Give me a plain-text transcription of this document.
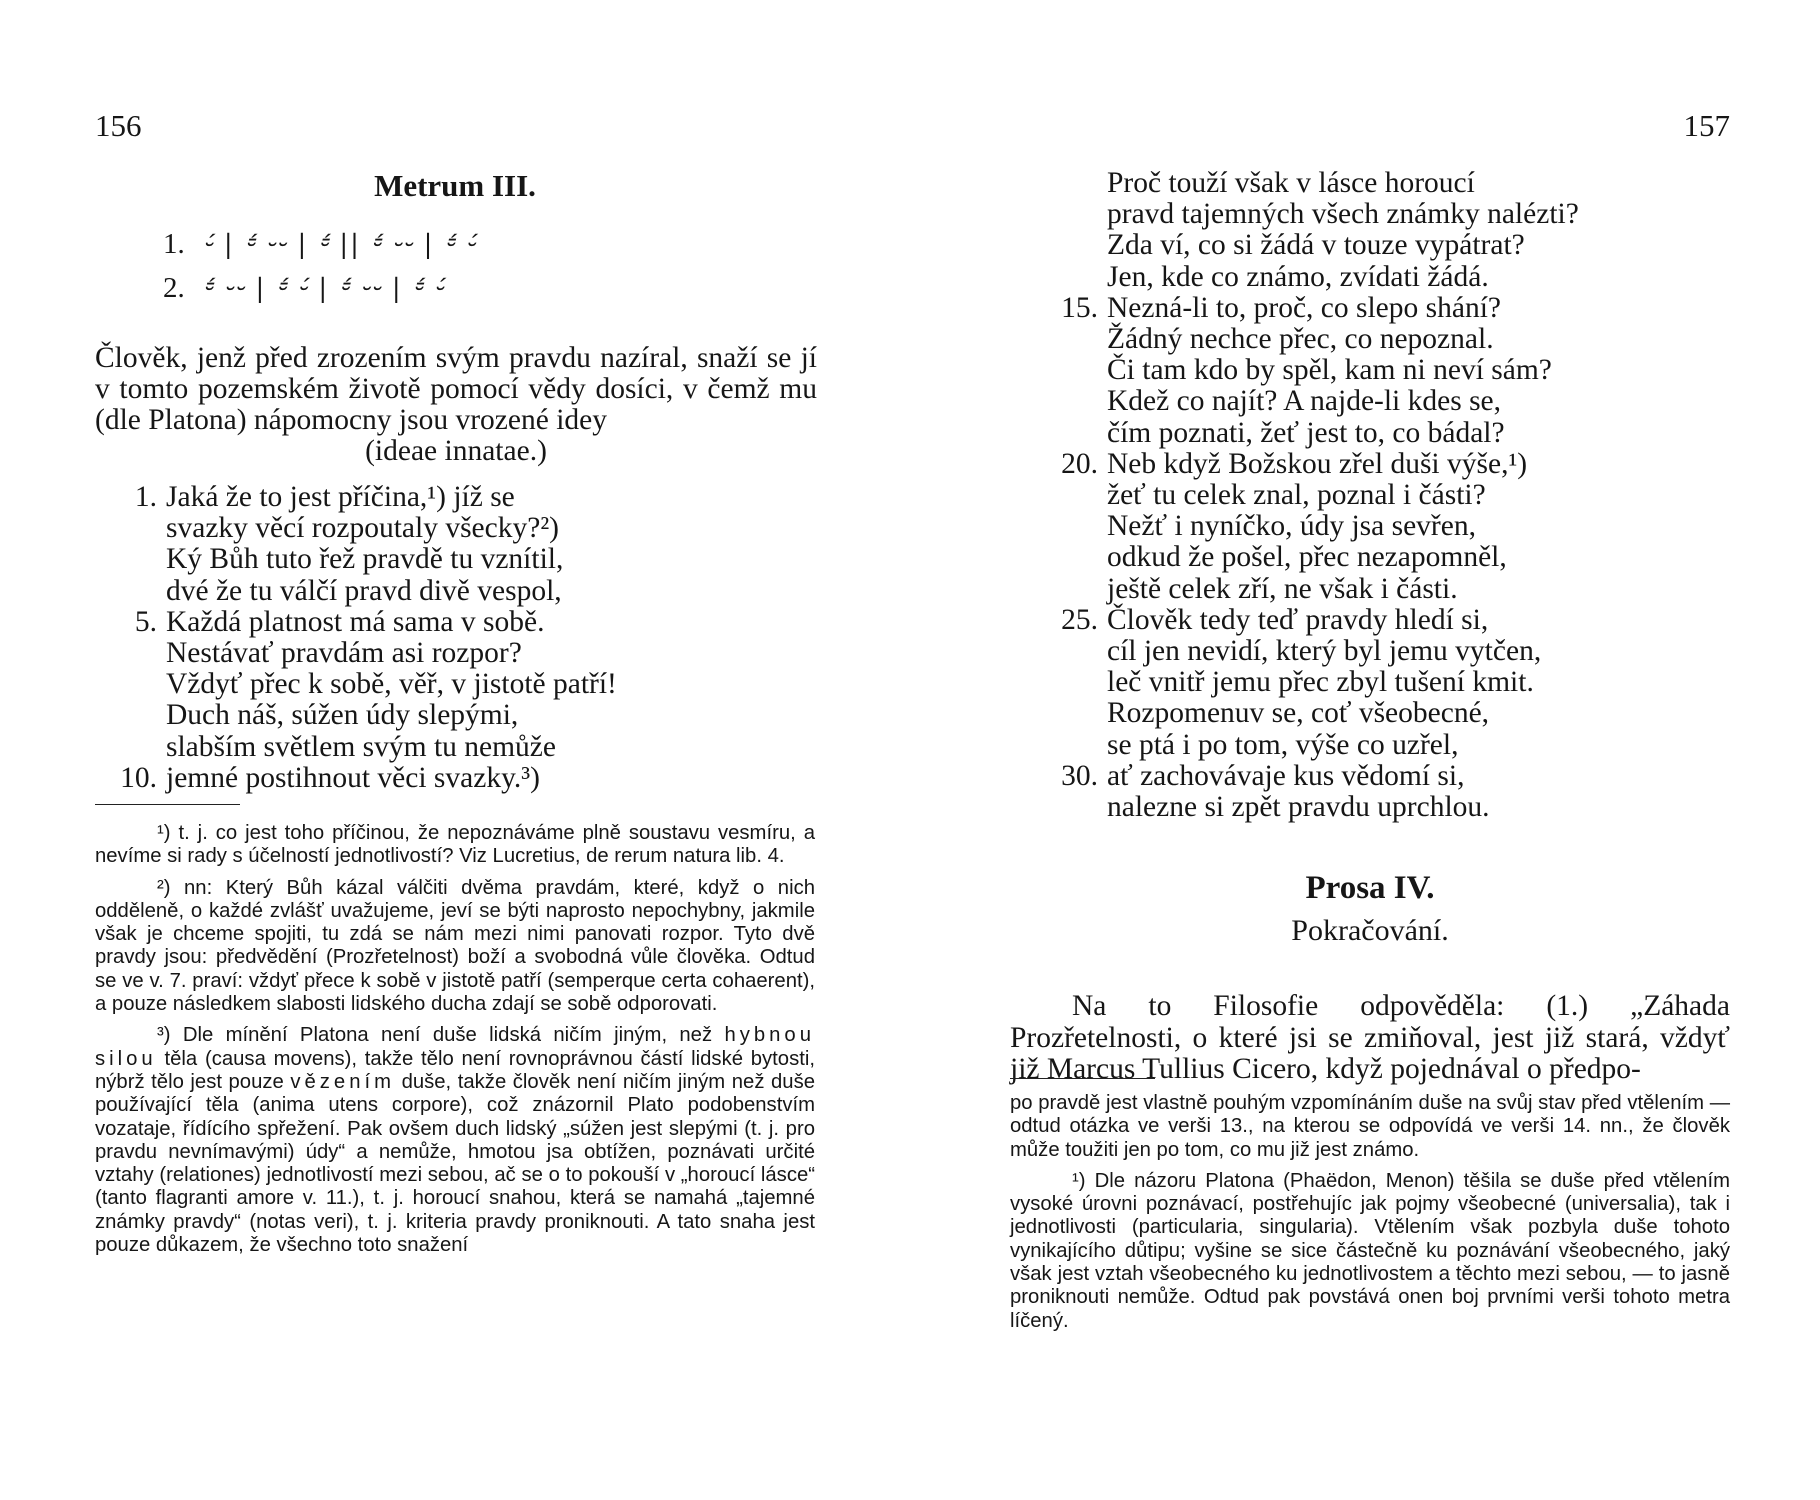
156
Metrum III.
1. ⏑́ | ⏒́ ⏑⏑ | ⏒́ || ⏒́ ⏑⏑ | ⏒́ ⏑́
2. ⏒́ ⏑⏑ | ⏒́ ⏑́ | ⏒́ ⏑⏑ | ⏒́ ⏑́
Člověk, jenž před zrozením svým pravdu nazíral, snaží se jí v tomto pozemském životě pomocí vědy dosíci, v čemž mu (dle Platona) nápomocny jsou vrozené idey
(ideae innatae.)
1. Jaká že to jest příčina,¹) jíž se
svazky věcí rozpoutaly všecky?²)
Ký Bůh tuto řež pravdě tu vznítil,
dvé že tu válčí pravd divě vespol,
5. Každá platnost má sama v sobě.
Nestávať pravdám asi rozpor?
Vždyť přec k sobě, věř, v jistotě patří!
Duch náš, súžen údy slepými,
slabším světlem svým tu nemůže
10. jemné postihnout věci svazky.³)

¹) t. j. co jest toho příčinou, že nepoznáváme plně soustavu vesmíru, a nevíme si rady s účelností jednotlivostí? Viz Lucretius, de rerum natura lib. 4.

²) nn: Který Bůh kázal válčiti dvěma pravdám, které, když o nich odděleně, o každé zvlášť uvažujeme, jeví se býti naprosto nepochybny, jakmile však je chceme spojiti, tu zdá se nám mezi nimi panovati rozpor. Tyto dvě pravdy jsou: předvědění (Prozřetelnost) boží a svobodná vůle člověka. Odtud se ve v. 7. praví: vždyť přece k sobě v jistotě patří (semperque certa cohaerent), a pouze následkem slabosti lidského ducha zdají se sobě odporovati.

³) Dle mínění Platona není duše lidská ničím jiným, než hybnou silou těla (causa movens), takže tělo není rovnoprávnou částí lidské bytosti, nýbrž tělo jest pouze vězením duše, takže člověk není ničím jiným než duše používající těla (anima utens corpore), což znázornil Plato podobenstvím vozataje, řídícího spřežení. Pak ovšem duch lidský „súžen jest slepými (t. j. pro pravdu nevnímavými) údy“ a nemůže, hmotou jsa obtížen, poznávati určité vztahy (relationes) jednotlivostí mezi sebou, ač se o to pokouší v „horoucí lásce“ (tanto flagranti amore v. 11.), t. j. horoucí snahou, která se namahá „tajemné známky pravdy“ (notas veri), t. j. kriteria pravdy proniknouti. A tato snaha jest pouze důkazem, že všechno toto snažení

157
Proč touží však v lásce horoucí
pravd tajemných všech známky nalézti?
Zda ví, co si žádá v touze vypátrat?
Jen, kde co známo, zvídati žádá.
15. Nezná-li to, proč, co slepo shání?
Žádný nechce přec, co nepoznal.
Či tam kdo by spěl, kam ni neví sám?
Kdež co najít? A najde-li kdes se,
čím poznati, žeť jest to, co bádal?
20. Neb když Božskou zřel duši výše,¹)
žeť tu celek znal, poznal i části?
Nežť i nyníčko, údy jsa sevřen,
odkud že pošel, přec nezapomněl,
ještě celek zří, ne však i části.
25. Člověk tedy teď pravdy hledí si,
cíl jen nevidí, který byl jemu vytčen,
leč vnitř jemu přec zbyl tušení kmit.
Rozpomenuv se, coť všeobecné,
se ptá i po tom, výše co uzřel,
30. ať zachovávaje kus vědomí si,
nalezne si zpět pravdu uprchlou.
Prosa IV.
Pokračování.

Na to Filosofie odpověděla: (1.) „Záhada Prozřetelnosti, o které jsi se zmiňoval, jest již stará, vždyť již Marcus Tullius Cicero, když pojednával o předpo-

po pravdě jest vlastně pouhým vzpomínáním duše na svůj stav před vtělením — odtud otázka ve verši 13., na kterou se odpovídá ve verši 14. nn., že člověk může toužiti jen po tom, co mu již jest známo.

¹) Dle názoru Platona (Phaëdon, Menon) těšila se duše před vtělením vysoké úrovni poznávací, postřehujíc jak pojmy všeobecné (universalia), tak i jednotlivosti (particularia, singularia). Vtělením však pozbyla duše tohoto vynikajícího důtipu; vyšine se sice částečně ku poznávání všeobecného, jaký však jest vztah všeobecného ku jednotlivostem a těchto mezi sebou, — to jasně proniknouti nemůže. Odtud pak povstává onen boj prvními verši tohoto metra líčený.
